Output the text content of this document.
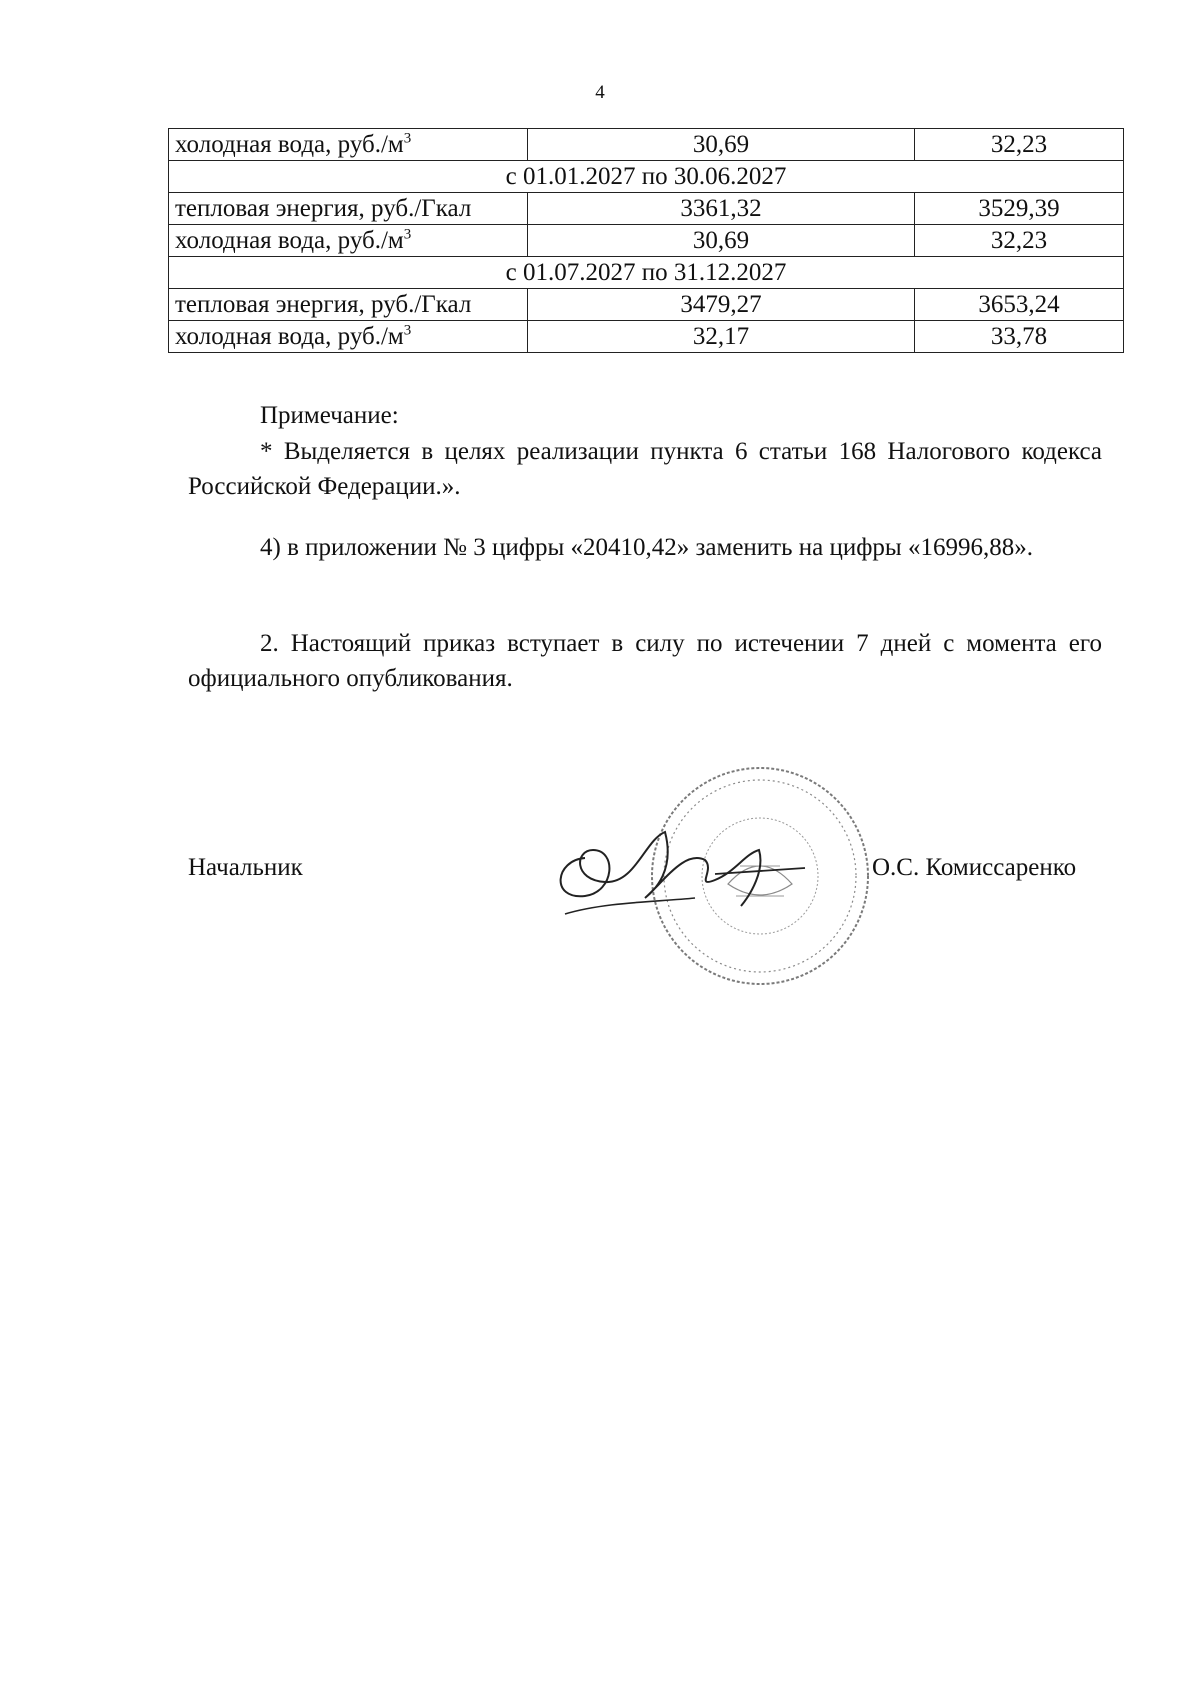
4
холодная вода, $руб./м^3$	30,69	32,23
с 01.01.2027 по 30.06.2027		
тепловая энергия, руб./Гкал	3361,32	3529,39
холодная вода, $руб./м^3$	30,69	32,23
с 01.07.2027 по 31.12.2027		
тепловая энергия, руб./Гкал	3479,27	3653,24
холодная вода, $руб./м^3$	32,17	33,78
Примечание:
* Выделяется в целях реализации пункта 6 статьи 168 Налогового кодекса Российской Федерации.».
4) в приложении № 3 цифры «20410,42» заменить на цифры «16996,88».
2. Настоящий приказ вступает в силу по истечении 7 дней с момента его официального опубликования.
Начальник	О.С. Комиссаренко
